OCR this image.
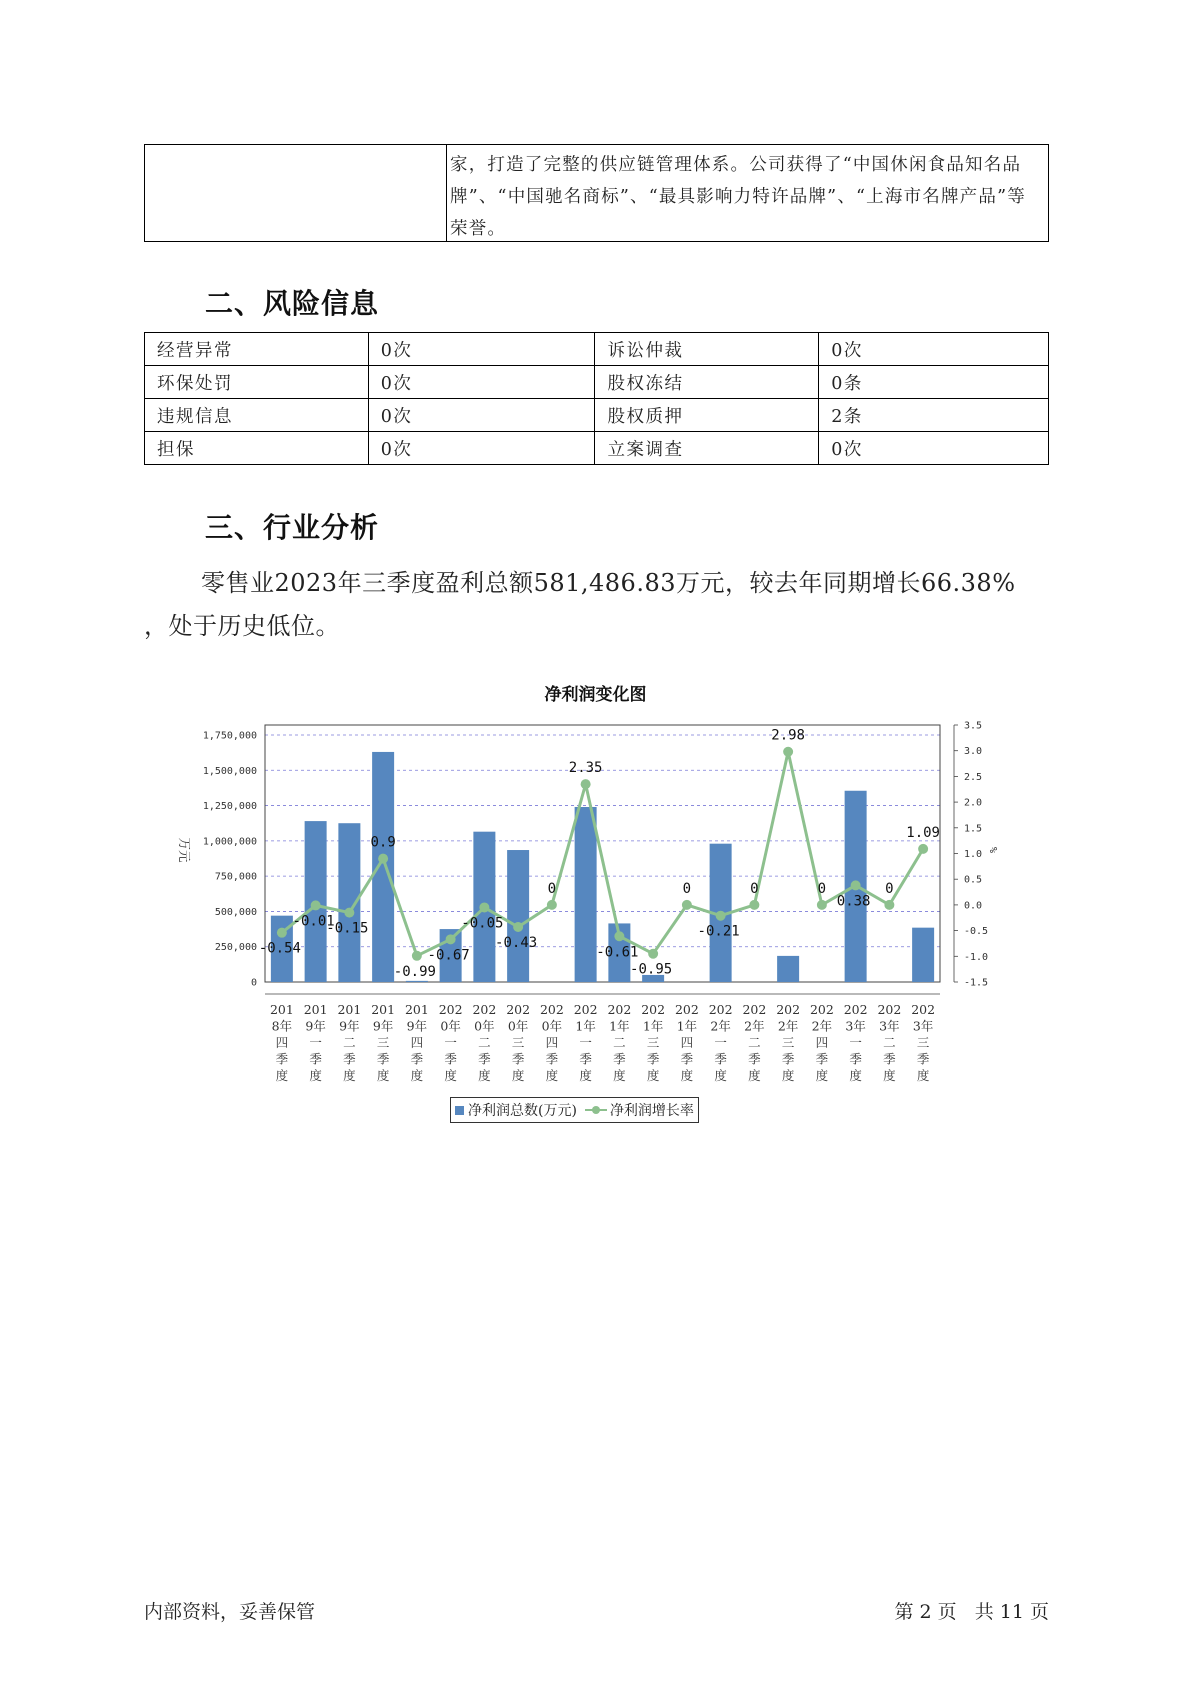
家，打造了完整的供应链管理体系。公司获得了“中国休闲食品知名品
牌”、“中国驰名商标”、“最具影响力特许品牌”、“上海市名牌产品”等
荣誉。
二、风险信息
经营异常	0次	诉讼仲裁	0次
环保处罚	0次	股权冻结	0条
违规信息	0次	股权质押	2条
担保	0次	立案调查	0次
三、行业分析
零售业2023年三季度盈利总额581,486.83万元，较去年同期增长66.38%
，处于历史低位。
净利润变化图
0
250,000
500,000
750,000
1,000,000
1,250,000
1,500,000
1,750,000
-1.5
-1.0
-0.5
0.0
0.5
1.0
1.5
2.0
2.5
3.0
3.5
万元	%
-0.54
-0.01
-0.15
0.9
-0.99
-0.67
-0.05
-0.43
0
2.35
-0.61
-0.95
0
-0.21
0
2.98
0
0.38
0
1.09
201 8年四季度
201 9年一季度
201 9年二季度
201 9年三季度
201 9年四季度
202 0年一季度
202 0年二季度
202 0年三季度
202 0年四季度
202 1年一季度
202 1年二季度
202 1年三季度
202 1年四季度
202 2年一季度
202 2年二季度
202 2年三季度
202 2年四季度
202 3年一季度
202 3年二季度
202 3年三季度
净利润总数(万元) 净利润增长率
内部资料，妥善保管	第 2 页   共 11 页
